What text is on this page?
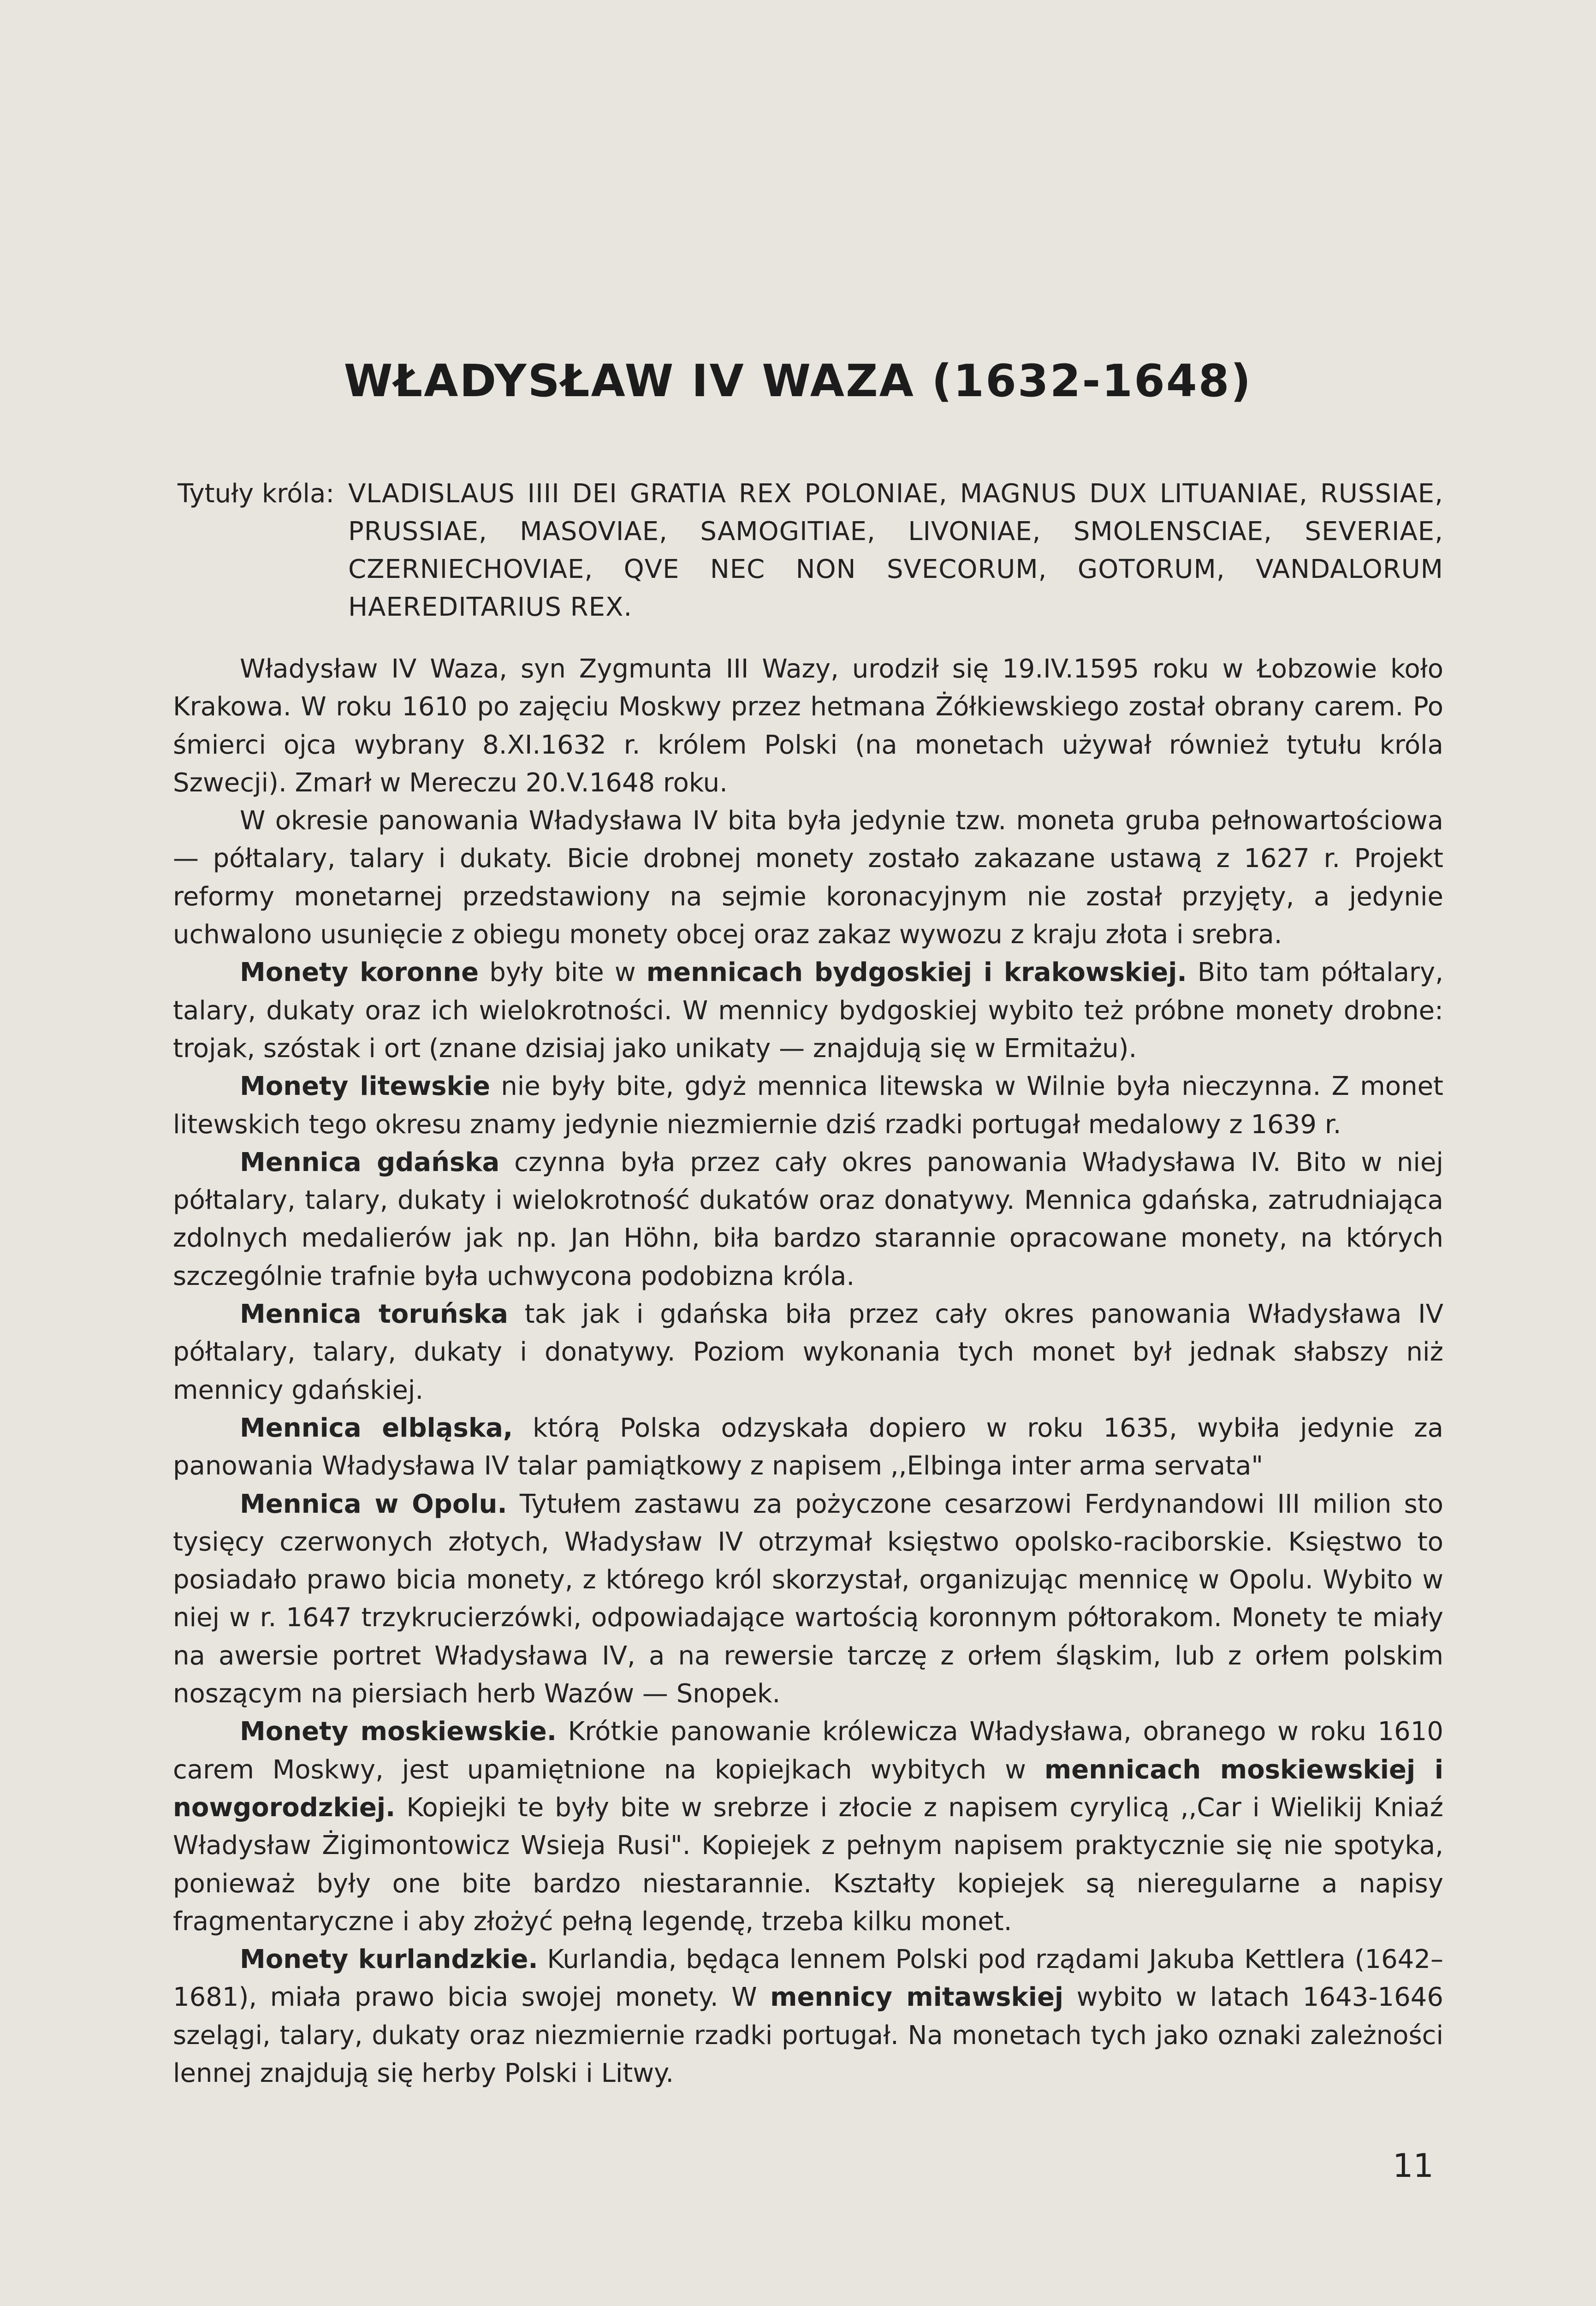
WŁADYSŁAW IV WAZA (1632-1648)
Tytuły króla: VLADISLAUS IIII DEI GRATIA REX POLONIAE, MAGNUS DUX LITUANIAE, RUSSIAE, PRUSSIAE, MASOVIAE, SAMOGITIAE, LIVONIAE, SMOLENSCIAE, SEVERIAE, CZERNIECHOVIAE, QVE NEC NON SVECORUM, GOTORUM, VANDALORUM HAEREDITARIUS REX.

Władysław IV Waza, syn Zygmunta III Wazy, urodził się 19.IV.1595 roku w Łobzowie koło Krakowa. W roku 1610 po zajęciu Moskwy przez hetmana Żółkiewskiego został obrany carem. Po śmierci ojca wybrany 8.XI.1632 r. królem Polski (na monetach używał również tytułu króla Szwecji). Zmarł w Mereczu 20.V.1648 roku.

W okresie panowania Władysława IV bita była jedynie tzw. moneta gruba pełnowartościowa — półtalary, talary i dukaty. Bicie drobnej monety zostało zakazane ustawą z 1627 r. Projekt reformy monetarnej przedstawiony na sejmie koronacyjnym nie został przyjęty, a jedynie uchwalono usunięcie z obiegu monety obcej oraz zakaz wywozu z kraju złota i srebra.

Monety koronne były bite w mennicach bydgoskiej i krakowskiej. Bito tam półtalary, talary, dukaty oraz ich wielokrotności. W mennicy bydgoskiej wybito też próbne monety drobne: trojak, szóstak i ort (znane dzisiaj jako unikaty — znajdują się w Ermitażu).

Monety litewskie nie były bite, gdyż mennica litewska w Wilnie była nieczynna. Z monet litewskich tego okresu znamy jedynie niezmiernie dziś rzadki portugał medalowy z 1639 r.

Mennica gdańska czynna była przez cały okres panowania Władysława IV. Bito w niej półtalary, talary, dukaty i wielokrotność dukatów oraz donatywy. Mennica gdańska, zatrudniająca zdolnych medalierów jak np. Jan Höhn, biła bardzo starannie opracowane monety, na których szczególnie trafnie była uchwycona podobizna króla.

Mennica toruńska tak jak i gdańska biła przez cały okres panowania Władysława IV półtalary, talary, dukaty i donatywy. Poziom wykonania tych monet był jednak słabszy niż mennicy gdańskiej.

Mennica elbląska, którą Polska odzyskała dopiero w roku 1635, wybiła jedynie za panowania Władysława IV talar pamiątkowy z napisem ,,Elbinga inter arma servata"

Mennica w Opolu. Tytułem zastawu za pożyczone cesarzowi Ferdynandowi III milion sto tysięcy czerwonych złotych, Władysław IV otrzymał księstwo opolsko-raciborskie. Księstwo to posiadało prawo bicia monety, z którego król skorzystał, organizując mennicę w Opolu. Wybito w niej w r. 1647 trzykrucierzówki, odpowiadające wartością koronnym półtorakom. Monety te miały na awersie portret Władysława IV, a na rewersie tarczę z orłem śląskim, lub z orłem polskim noszącym na piersiach herb Wazów — Snopek.

Monety moskiewskie. Krótkie panowanie królewicza Władysława, obranego w roku 1610 carem Moskwy, jest upamiętnione na kopiejkach wybitych w mennicach moskiewskiej i nowgorodzkiej. Kopiejki te były bite w srebrze i złocie z napisem cyrylicą ,,Car i Wielikij Kniaź Władysław Żigimontowicz Wsieja Rusi". Kopiejek z pełnym napisem praktycznie się nie spotyka, ponieważ były one bite bardzo niestarannie. Kształty kopiejek są nieregularne a napisy fragmentaryczne i aby złożyć pełną legendę, trzeba kilku monet.

Monety kurlandzkie. Kurlandia, będąca lennem Polski pod rządami Jakuba Kettlera (1642–1681), miała prawo bicia swojej monety. W mennicy mitawskiej wybito w latach 1643-1646 szelągi, talary, dukaty oraz niezmiernie rzadki portugał. Na monetach tych jako oznaki zależności lennej znajdują się herby Polski i Litwy.

11
